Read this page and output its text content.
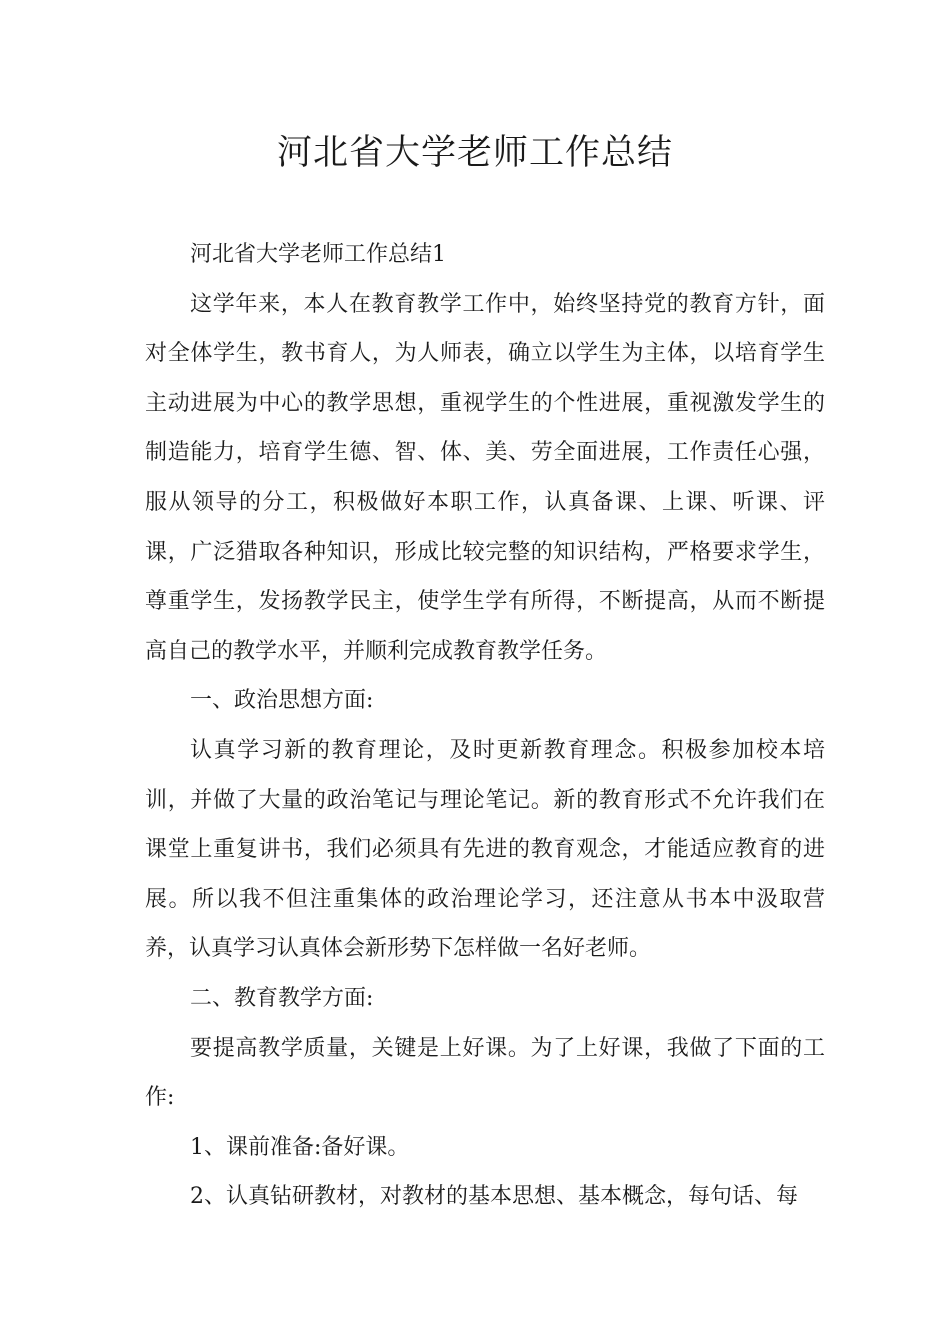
河北省大学老师工作总结

河北省大学老师工作总结1

这学年来，本人在教育教学工作中，始终坚持党的教育方针，面对全体学生，教书育人，为人师表，确立以学生为主体，以培育学生主动进展为中心的教学思想，重视学生的个性进展，重视激发学生的制造能力，培育学生德、智、体、美、劳全面进展，工作责任心强，服从领导的分工，积极做好本职工作，认真备课、上课、听课、评课，广泛猎取各种知识，形成比较完整的知识结构，严格要求学生，尊重学生，发扬教学民主，使学生学有所得，不断提高，从而不断提高自己的教学水平，并顺利完成教育教学任务。

一、政治思想方面:

认真学习新的教育理论，及时更新教育理念。积极参加校本培训，并做了大量的政治笔记与理论笔记。新的教育形式不允许我们在课堂上重复讲书，我们必须具有先进的教育观念，才能适应教育的进展。所以我不但注重集体的政治理论学习，还注意从书本中汲取营养，认真学习认真体会新形势下怎样做一名好老师。

二、教育教学方面:

要提高教学质量，关键是上好课。为了上好课，我做了下面的工作:

1、课前准备:备好课。

2、认真钻研教材，对教材的基本思想、基本概念，每句话、每
